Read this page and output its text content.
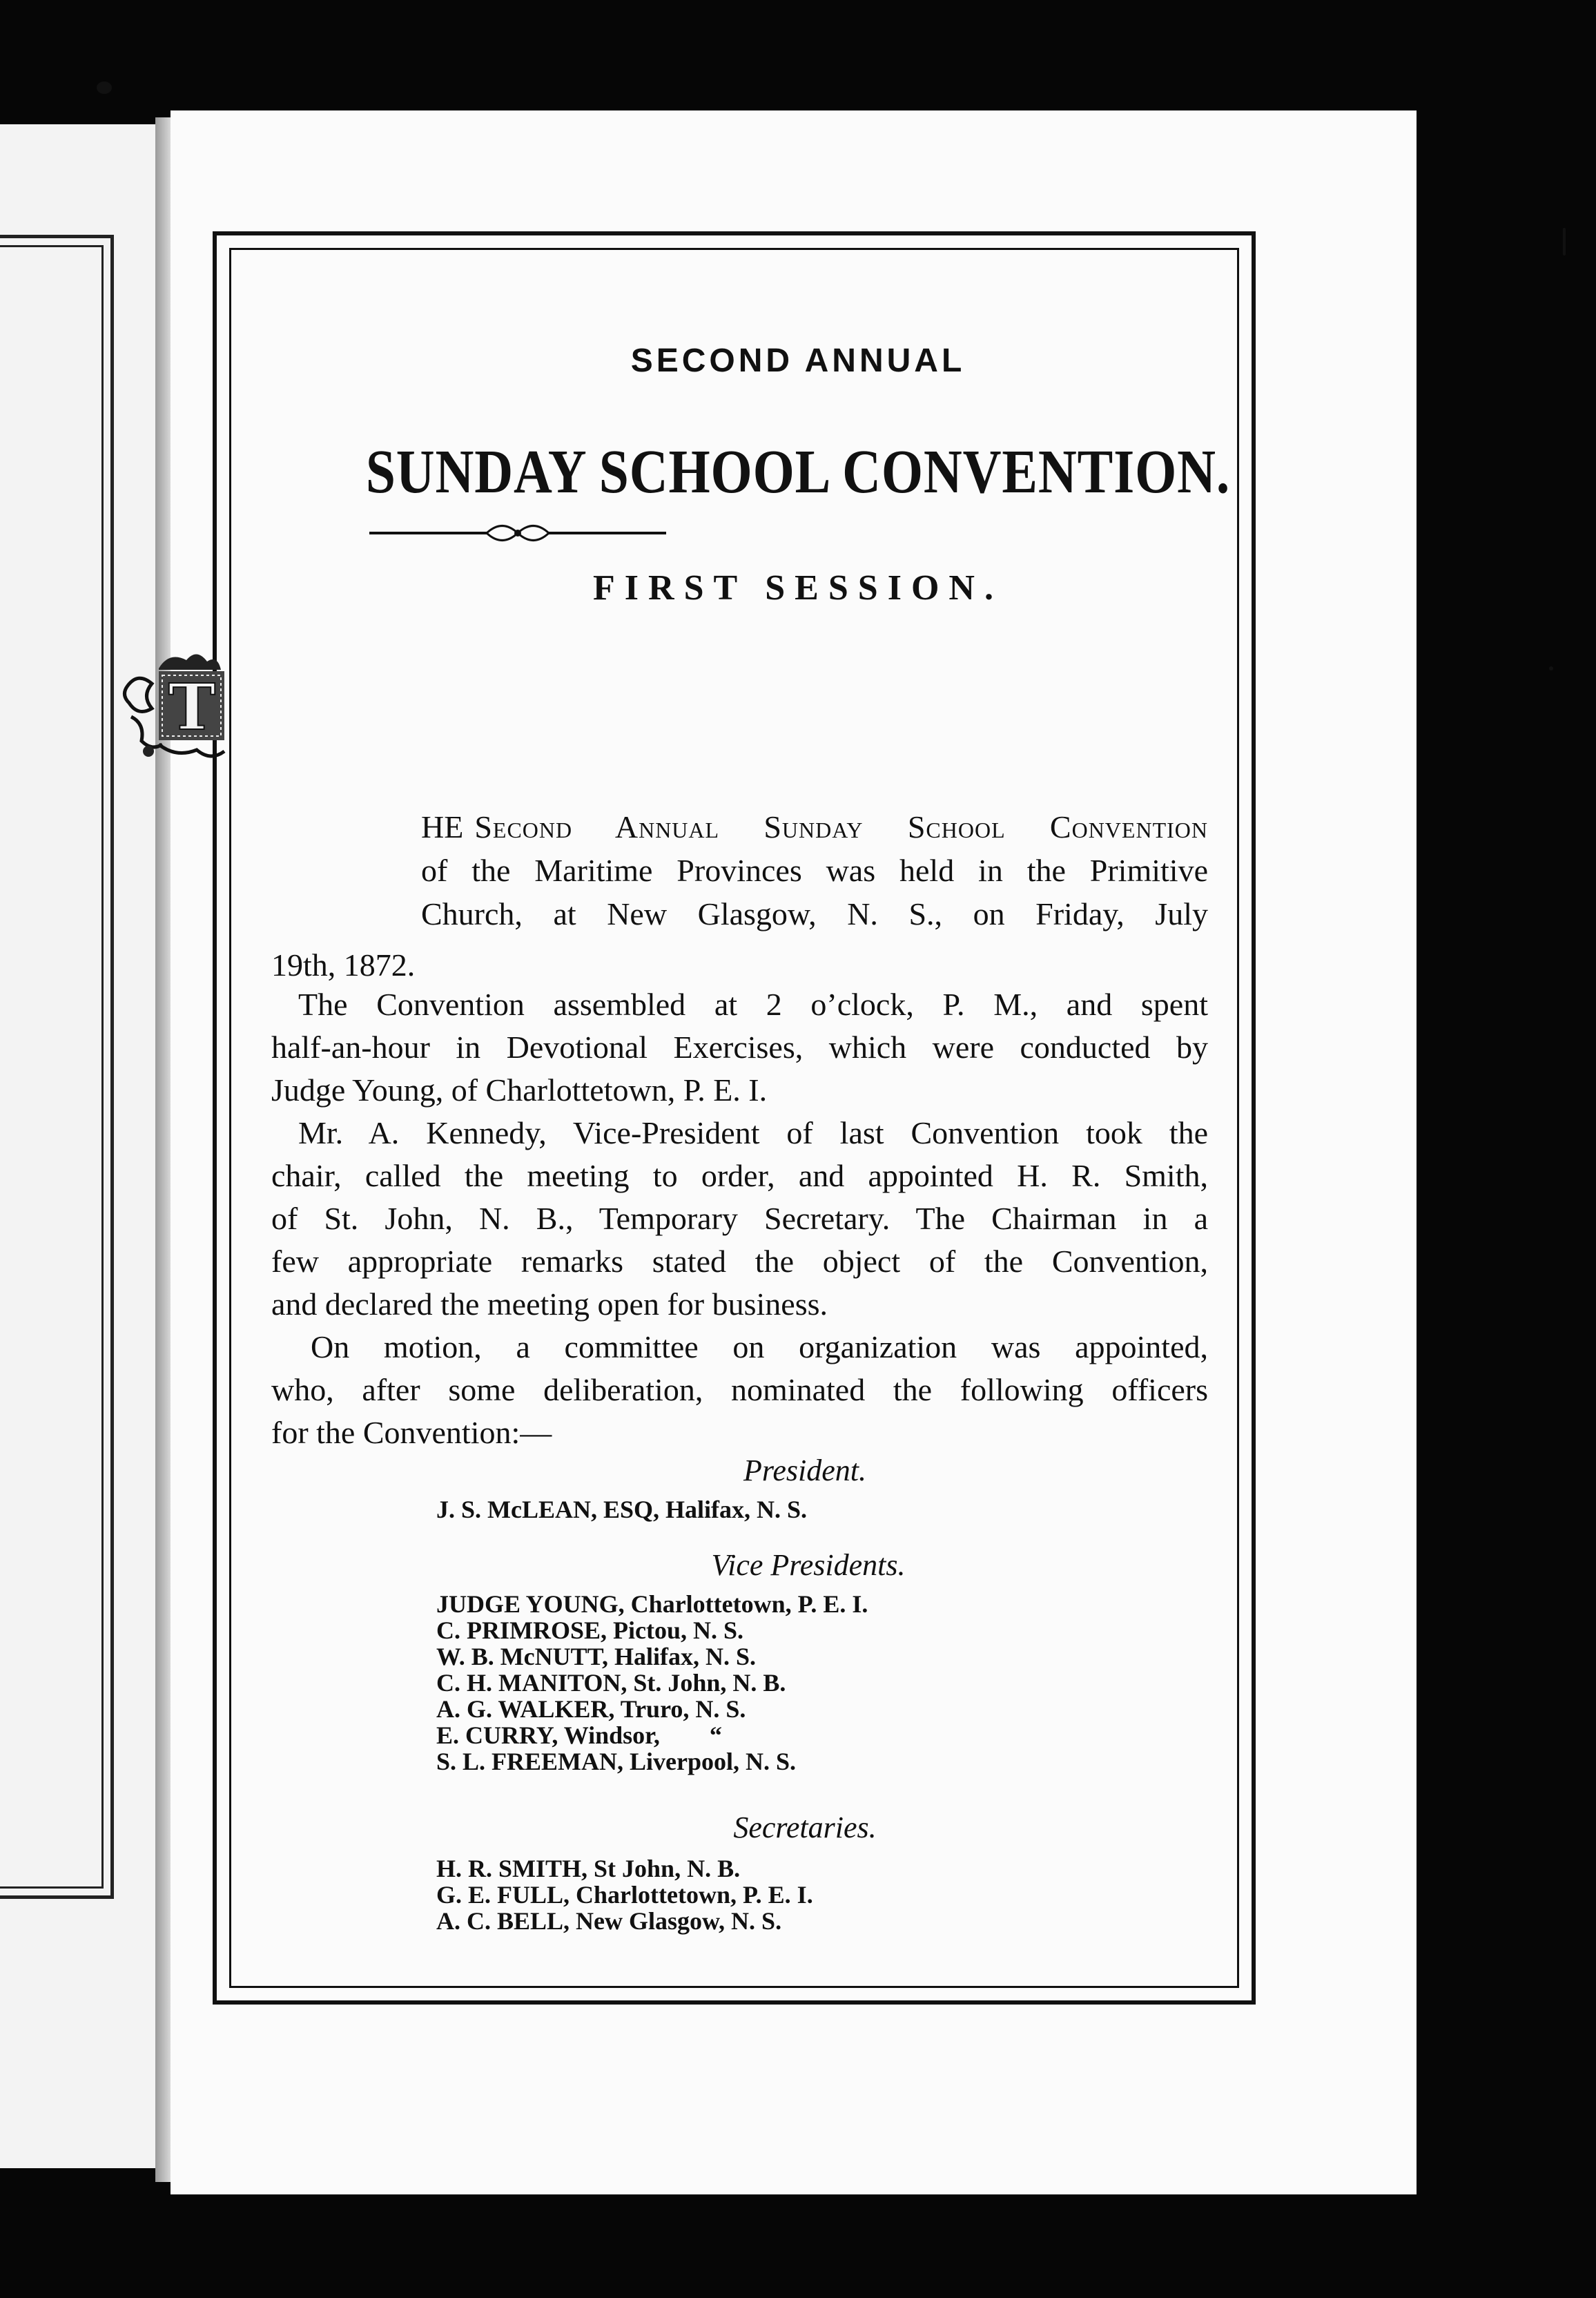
SECOND ANNUAL
SUNDAY SCHOOL CONVENTION.
FIRST SESSION.
T
HE Second Annual Sunday School Convention
of the Maritime Provinces was held in the Primitive
Church, at New Glasgow, N. S., on Friday, July
19th, 1872.
The Convention assembled at 2 o’clock, P. M., and spent
half-an-hour in Devotional Exercises, which were conducted by
Judge Young, of Charlottetown, P. E. I.
Mr. A. Kennedy, Vice-President of last Convention took the
chair, called the meeting to order, and appointed H. R. Smith,
of St. John, N. B., Temporary Secretary. The Chairman in a
few appropriate remarks stated the object of the Convention,
and declared the meeting open for business.
On motion, a committee on organization was appointed,
who, after some deliberation, nominated the following officers
for the Convention:—
President.
J. S. McLEAN, ESQ, Halifax, N. S.
Vice Presidents.
JUDGE YOUNG, Charlottetown, P. E. I.
C. PRIMROSE, Pictou, N. S.
W. B. McNUTT, Halifax, N. S.
C. H. MANITON, St. John, N. B.
A. G. WALKER, Truro, N. S.
E. CURRY, Windsor,        “
S. L. FREEMAN, Liverpool, N. S.
Secretaries.
H. R. SMITH, St John, N. B.
G. E. FULL, Charlottetown, P. E. I.
A. C. BELL, New Glasgow, N. S.
